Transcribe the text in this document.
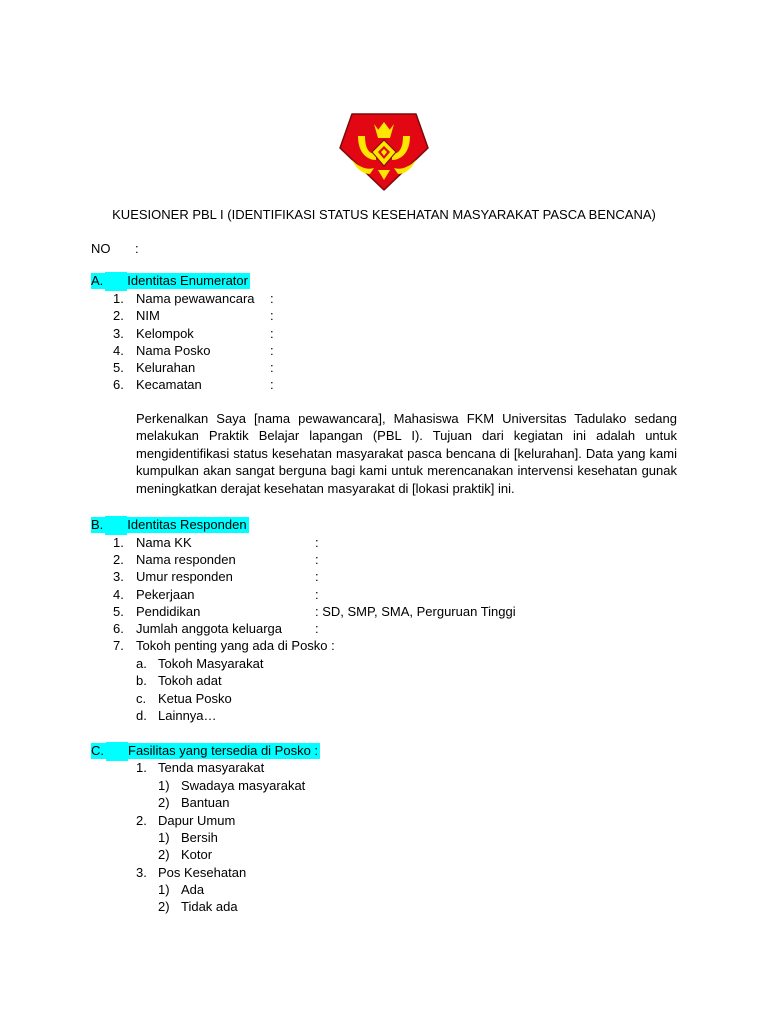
KUESIONER PBL I (IDENTIFIKASI STATUS KESEHATAN MASYARAKAT PASCA BENCANA)
NO :
A. Identitas Enumerator
1. Nama pewawancara :
2. NIM	:
3. Kelompok	:
4. Nama Posko	:
5. Kelurahan	:
6. Kecamatan	:
Perkenalkan Saya [nama pewawancara], Mahasiswa FKM Universitas Tadulako sedang melakukan Praktik Belajar lapangan (PBL I). Tujuan dari kegiatan ini adalah untuk mengidentifikasi status kesehatan masyarakat pasca bencana di [kelurahan]. Data yang kami kumpulkan akan sangat berguna bagi kami untuk merencanakan intervensi kesehatan gunak meningkatkan derajat kesehatan masyarakat di [lokasi praktik] ini.
B. Identitas Responden
1. Nama KK	:
2. Nama responden	:
3. Umur responden	:
4. Pekerjaan	:
5. Pendidikan	: SD, SMP, SMA, Perguruan Tinggi
6. Jumlah anggota keluarga	:
7. Tokoh penting yang ada di Posko :
a. Tokoh Masyarakat
b. Tokoh adat
c. Ketua Posko
d. Lainnya…
C. Fasilitas yang tersedia di Posko :
1. Tenda masyarakat
1) Swadaya masyarakat
2) Bantuan
2. Dapur Umum
1) Bersih
2) Kotor
3. Pos Kesehatan
1) Ada
2) Tidak ada
